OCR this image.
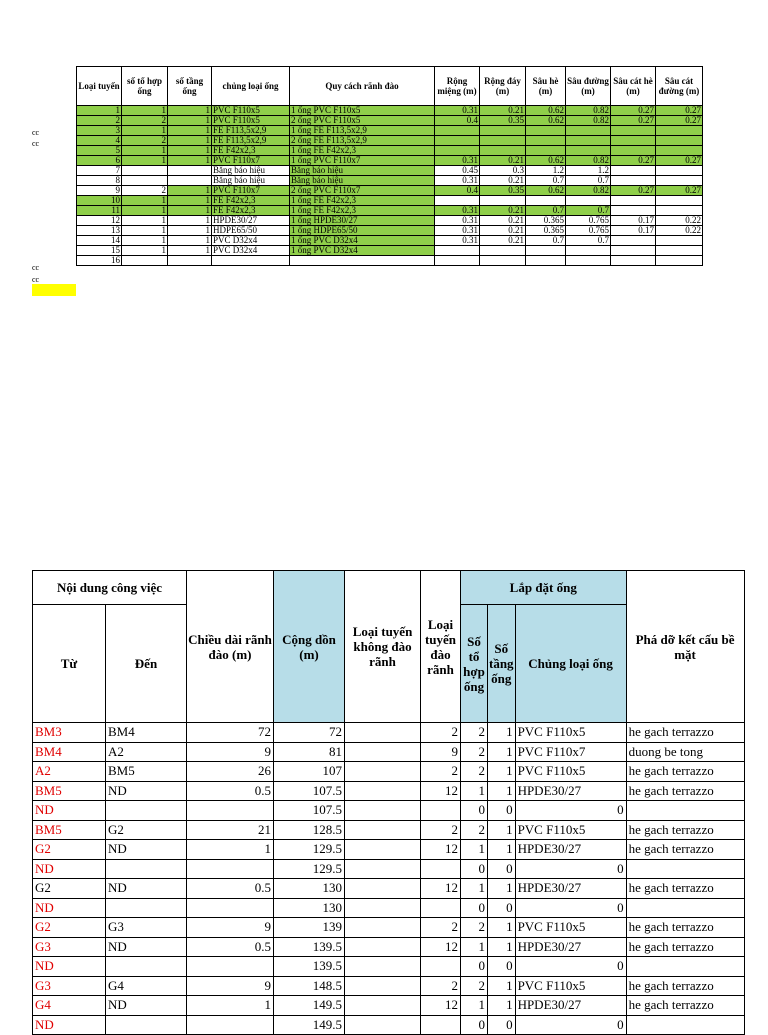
cc
cc
cc
cc
Loại tuyến	số tổ hợp ống	số tầng ống	chủng loại ống	Quy cách rãnh đào	Rộng miệng (m)	Rộng đáy (m)	Sâu hè (m)	Sâu đường (m)	Sâu cát hè (m)	Sâu cát đường (m)
1	1	1	PVC F110x5	1 ống PVC F110x5	0.31	0.21	0.62	0.82	0.27	0.27
2	2	1	PVC F110x5	2 ống PVC F110x5	0.4	0.35	0.62	0.82	0.27	0.27
3	1	1	FE F113,5x2,9	1 ống FE F113,5x2,9						
4	2	1	FE F113,5x2,9	2 ống FE F113,5x2,9						
5	1	1	FE F42x2,3	1 ống FE F42x2,3						
6	1	1	PVC F110x7	1 ống PVC F110x7	0.31	0.21	0.62	0.82	0.27	0.27
7			Băng báo hiệu	Băng báo hiệu	0.45	0.3	1.2	1.2		
8			Băng báo hiệu	Băng báo hiệu	0.31	0.21	0.7	0.7		
9	2	1	PVC F110x7	2 ống PVC F110x7	0.4	0.35	0.62	0.82	0.27	0.27
10	1	1	FE F42x2,3	1 ống FE F42x2,3						
11	1	1	FE F42x2,3	1 ống FE F42x2,3	0.31	0.21	0.7	0.7		
12	1	1	HPDE30/27	1 ống HPDE30/27	0.31	0.21	0.365	0.765	0.17	0.22
13	1	1	HDPE65/50	1 ống HDPE65/50	0.31	0.21	0.365	0.765	0.17	0.22
14	1	1	PVC D32x4	1 ống PVC D32x4	0.31	0.21	0.7	0.7		
15	1	1	PVC D32x4	1 ống PVC D32x4						
16										
Nội dung công việc		Chiều dài rãnh đào (m)	Cộng dồn (m)	Loại tuyến không đào rãnh	Loại tuyến đào rãnh	Lắp đặt ống			Phá dỡ kết cấu bề mặt
Từ	Đến					Số tổ hợp ống	Số tầng ống	Chủng loại ống	
BM3	BM4	72	72		2	2	1	PVC F110x5	he gach terrazzo
BM4	A2	9	81		9	2	1	PVC F110x7	duong be tong
A2	BM5	26	107		2	2	1	PVC F110x5	he gach terrazzo
BM5	ND	0.5	107.5		12	1	1	HPDE30/27	he gach terrazzo
ND			107.5			0	0	0	
BM5	G2	21	128.5		2	2	1	PVC F110x5	he gach terrazzo
G2	ND	1	129.5		12	1	1	HPDE30/27	he gach terrazzo
ND			129.5			0	0	0	
G2	ND	0.5	130		12	1	1	HPDE30/27	he gach terrazzo
ND			130			0	0	0	
G2	G3	9	139		2	2	1	PVC F110x5	he gach terrazzo
G3	ND	0.5	139.5		12	1	1	HPDE30/27	he gach terrazzo
ND			139.5			0	0	0	
G3	G4	9	148.5		2	2	1	PVC F110x5	he gach terrazzo
G4	ND	1	149.5		12	1	1	HPDE30/27	he gach terrazzo
ND			149.5			0	0	0	
